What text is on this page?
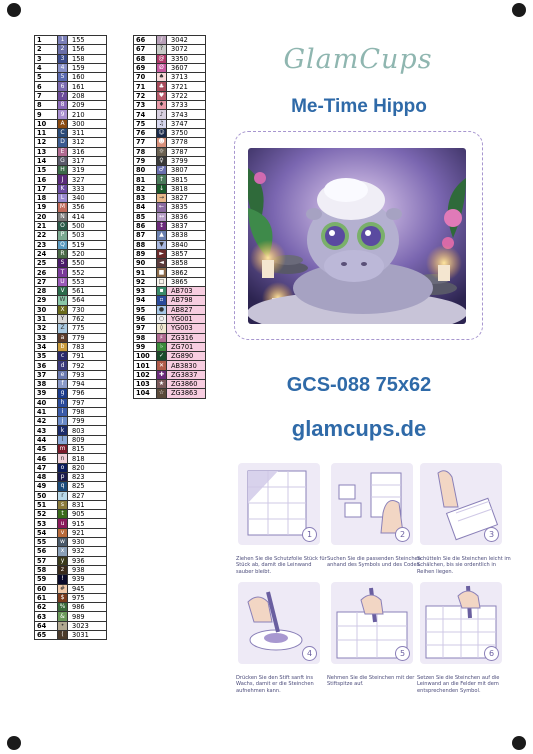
1	1	155
2	2	156
3	3	158
4	4	159
5	5	160
6	6	161
7	7	208
8	8	209
9	9	210
10	A	300
11	C	311
12	D	312
13	E	316
14	G	317
15	H	319
16	J	327
17	K	333
18	L	340
19	M	356
20	N	414
21	O	500
22	P	503
23	Q	519
24	R	520
25	S	550
26	T	552
27	U	553
28	V	561
29	W	564
30	X	730
31	Y	762
32	Z	775
33	a	779
34	b	783
35	c	791
36	d	792
37	e	793
38	f	794
39	g	796
40	h	797
41	i	798
42	j	799
43	k	803
44	l	809
45	m	815
46	n	818
47	o	820
48	p	823
49	q	825
50	r	827
51	s	831
52	t	905
53	u	915
54	v	921
55	w	930
56	x	932
57	y	936
58	z	938
59	!	939
60	#	945
61	$	975
62	%	986
63	&	989
64	•	3023
65	(	3031
66	/	3042
67	?	3072
68	@	3350
69	Ø	3607
70	♠	3713
71	♣	3721
72	♥	3722
73	♦	3733
74	♪	3743
75	♫	3747
76	☺	3750
77	☻	3778
78	☼	3787
79	♀	3799
80	♂	3807
81	↑	3815
82	↓	3818
83	→	3827
84	←	3835
85	↔	3836
86	↕	3837
87	▲	3838
88	▼	3840
89	►	3857
90	◄	3858
91	■	3862
92	□	3865
93	▪	AB703
94	▫	AB798
95	●	AB827
96	○	YG001
97	◊	YG003
98	♯	ZG316
99	♭	ZG701
100	✓	ZG890
101	✕	AB3830
102	✚	ZG3837
103	★	ZG3860
104	☆	ZG3863
GlamCups
Me-Time Hippo
GCS-088 75x62
glamcups.de
1
Ziehen Sie die Schutzfolie Stück für Stück ab, damit die Leinwand sauber bleibt.
2
Suchen Sie die passenden Steinchen anhand des Symbols und des Codes.
3
Schütteln Sie die Steinchen leicht im Schälchen, bis sie ordentlich in Reihen liegen.
4
Drücken Sie den Stift sanft ins Wachs, damit er die Steinchen aufnehmen kann.
5
Nehmen Sie die Steinchen mit der Stiftspitze auf.
6
Setzen Sie die Steinchen auf die Leinwand an die Felder mit dem entsprechenden Symbol.
